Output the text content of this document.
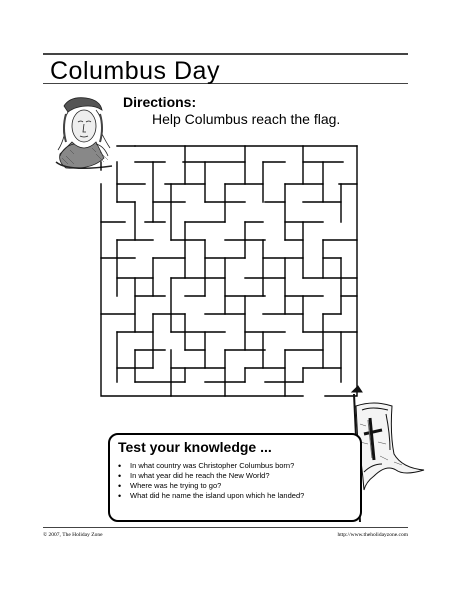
Columbus Day
Directions:
Help Columbus reach the flag.
Test your knowledge ...
• In what country was Christopher Columbus born?
• In what year did he reach the New World?
• Where was he trying to go?
• What did he name the island upon which he landed?
© 2007, The Holiday Zone	http://www.theholidayzone.com
